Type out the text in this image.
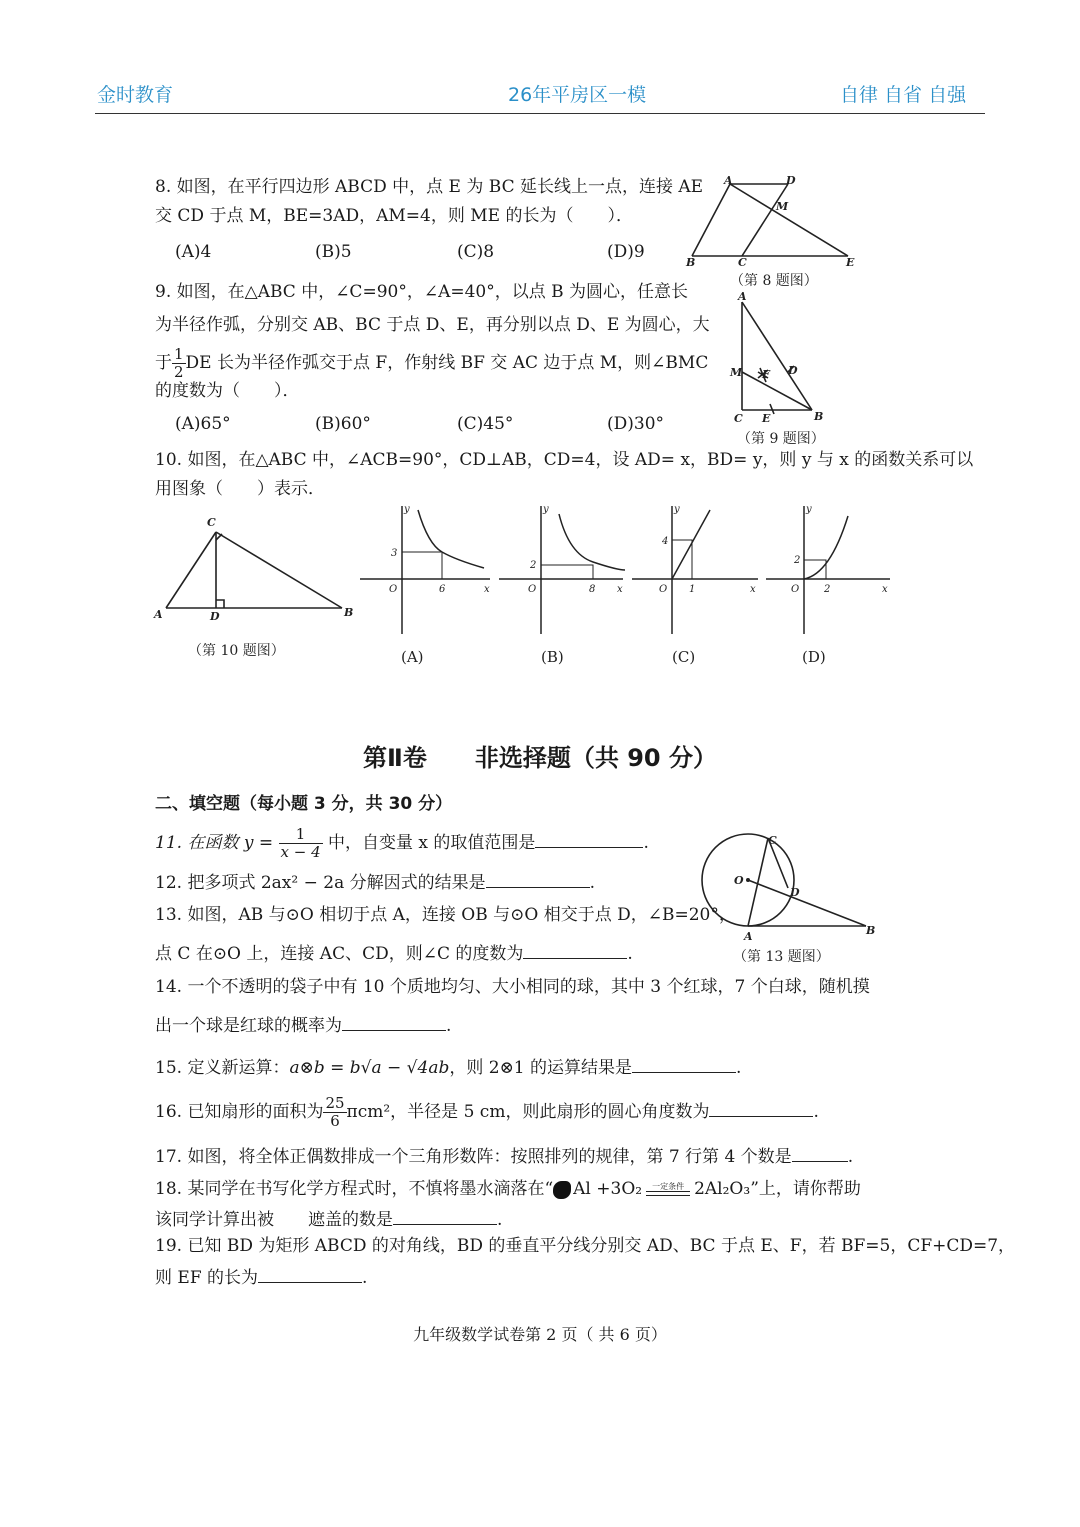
金时教育	26年平房区一模	自律 自省 自强
8. 如图，在平行四边形 ABCD 中，点 E 为 BC 延长线上一点，连接 AE
交 CD 于点 M，BE=3AD，AM=4，则 ME 的长为（　　）．
(A)4	(B)5	(C)8	(D)9
A	D
M
B	C	E
（第 8 题图）
9. 如图，在△ABC 中，∠C=90°，∠A=40°，以点 B 为圆心，任意长
为半径作弧，分别交 AB、BC 于点 D、E，再分别以点 D、E 为圆心，大
于 $\frac{1}{2}$ DE 长为半径作弧交于点 F，作射线 BF 交 AC 边于点 M，则∠BMC
的度数为（　　）．
(A)65°	(B)60°	(C)45°	(D)30°
A
M F D
C E	B
（第 9 题图）
10. 如图，在△ABC 中，∠ACB=90°，CD⊥AB，CD=4，设 AD= x，BD= y，则 y 与 x 的函数关系可以
用图象（　　）表示．
C
A	D	B
（第 10 题图）
y
x
O
3
6
y
x
O
2
8
y
x
O
4
1
y
x
O
2
2
(A)	(B)	(C)	(D)
第Ⅱ卷　　非选择题（共 90 分）
二、填空题（每小题 3 分，共 30 分）
11. 在函数 $y = \frac{1}{x - 4}$ 中，自变量 x 的取值范围是	.
12. 把多项式 2ax² − 2a 分解因式的结果是	.
13. 如图，AB 与⊙O 相切于点 A，连接 OB 与⊙O 相交于点 D，∠B=20°，
点 C 在⊙O 上，连接 AC、CD，则∠C 的度数为	.
C
O
D
A	B
（第 13 题图）
14. 一个不透明的袋子中有 10 个质地均匀、大小相同的球，其中 3 个红球，7 个白球，随机摸
出一个球是红球的概率为	.
15. 定义新运算：a⊗b = b√a − √4ab，则 2⊗1 的运算结果是	.
16. 已知扇形的面积为 $\frac{25}{6} \pi cm^2$，半径是 5 cm，则此扇形的圆心角度数为	.
17. 如图，将全体正偶数排成一个三角形数阵：按照排列的规律，第 7 行第 4 个数是	.
18. 某同学在书写化学方程式时，不慎将墨水滴落在“ Al +3O₂	一定条件 2Al₂O₃”上，请你帮助
该同学计算出被　　遮盖的数是	.
19. 已知 BD 为矩形 ABCD 的对角线，BD 的垂直平分线分别交 AD、BC 于点 E、F，若 BF=5，CF+CD=7，
则 EF 的长为	.
九年级数学试卷第 2 页（ 共 6 页）
